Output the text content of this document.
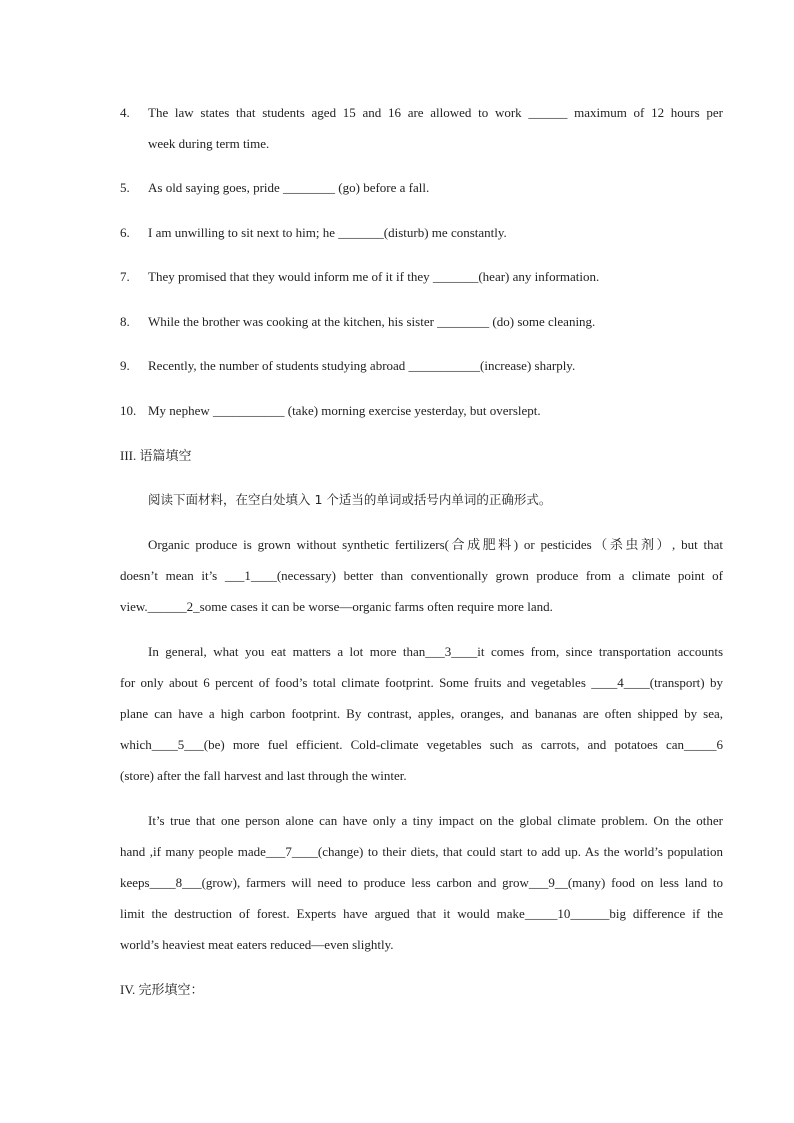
4. The law states that students aged 15 and 16 are allowed to work ______ maximum of 12 hours per
week during term time.
5. As old saying goes, pride ________ (go) before a fall.
6. I am unwilling to sit next to him; he _______(disturb) me constantly.
7. They promised that they would inform me of it if they _______(hear) any information.
8. While the brother was cooking at the kitchen, his sister ________ (do) some cleaning.
9. Recently, the number of students studying abroad ___________(increase) sharply.
10. My nephew ___________ (take) morning exercise yesterday, but overslept.
III. 语篇填空
阅读下面材料，在空白处填入 1 个适当的单词或括号内单词的正确形式。
Organic produce is grown without synthetic fertilizers(合成肥料) or pesticides（杀虫剂）, but that
doesn’t mean it’s ___1____(necessary) better than conventionally grown produce from a climate point of
view.______2_some cases it can be worse—organic farms often require more land.
In general, what you eat matters a lot more than___3____it comes from, since transportation accounts
for only about 6 percent of food’s total climate footprint. Some fruits and vegetables ____4____(transport) by
plane can have a high carbon footprint. By contrast, apples, oranges, and bananas are often shipped by sea,
which____5___(be) more fuel efficient. Cold-climate vegetables such as carrots, and potatoes can_____6
(store) after the fall harvest and last through the winter.
It’s true that one person alone can have only a tiny impact on the global climate problem. On the other
hand ,if many people made___7____(change) to their diets, that could start to add up. As the world’s population
keeps____8___(grow), farmers will need to produce less carbon and grow___9__(many) food on less land to
limit the destruction of forest. Experts have argued that it would make_____10______big difference if the
world’s heaviest meat eaters reduced—even slightly.
IV. 完形填空：
